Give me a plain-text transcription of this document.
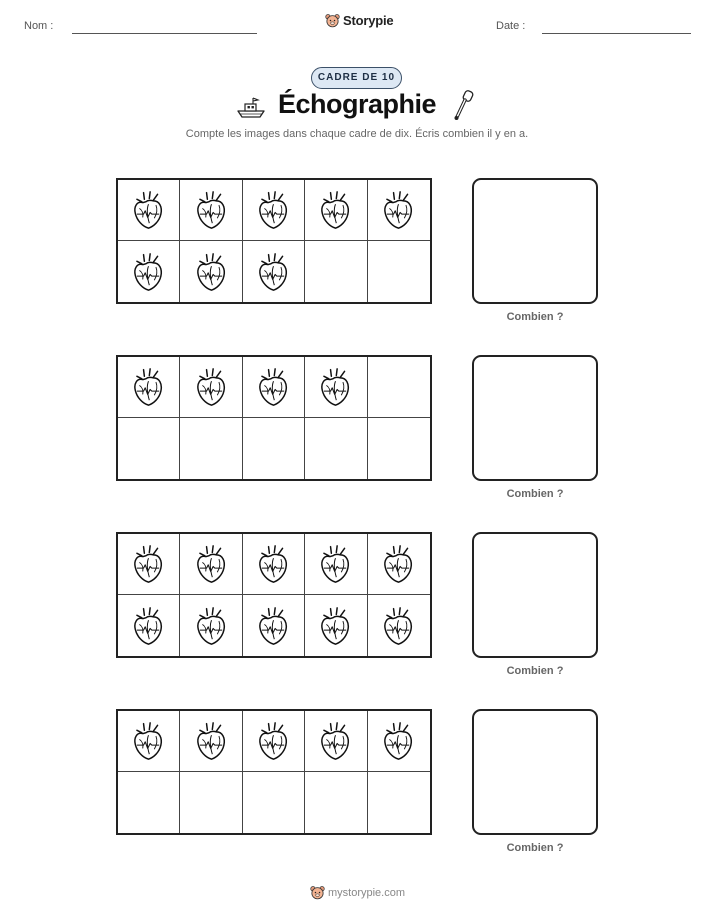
Nom :	Storypie	Date :
CADRE DE 10
Échographie
Compte les images dans chaque cadre de dix. Écris combien il y en a.
Combien ?
Combien ?
Combien ?
Combien ?
mystorypie.com
